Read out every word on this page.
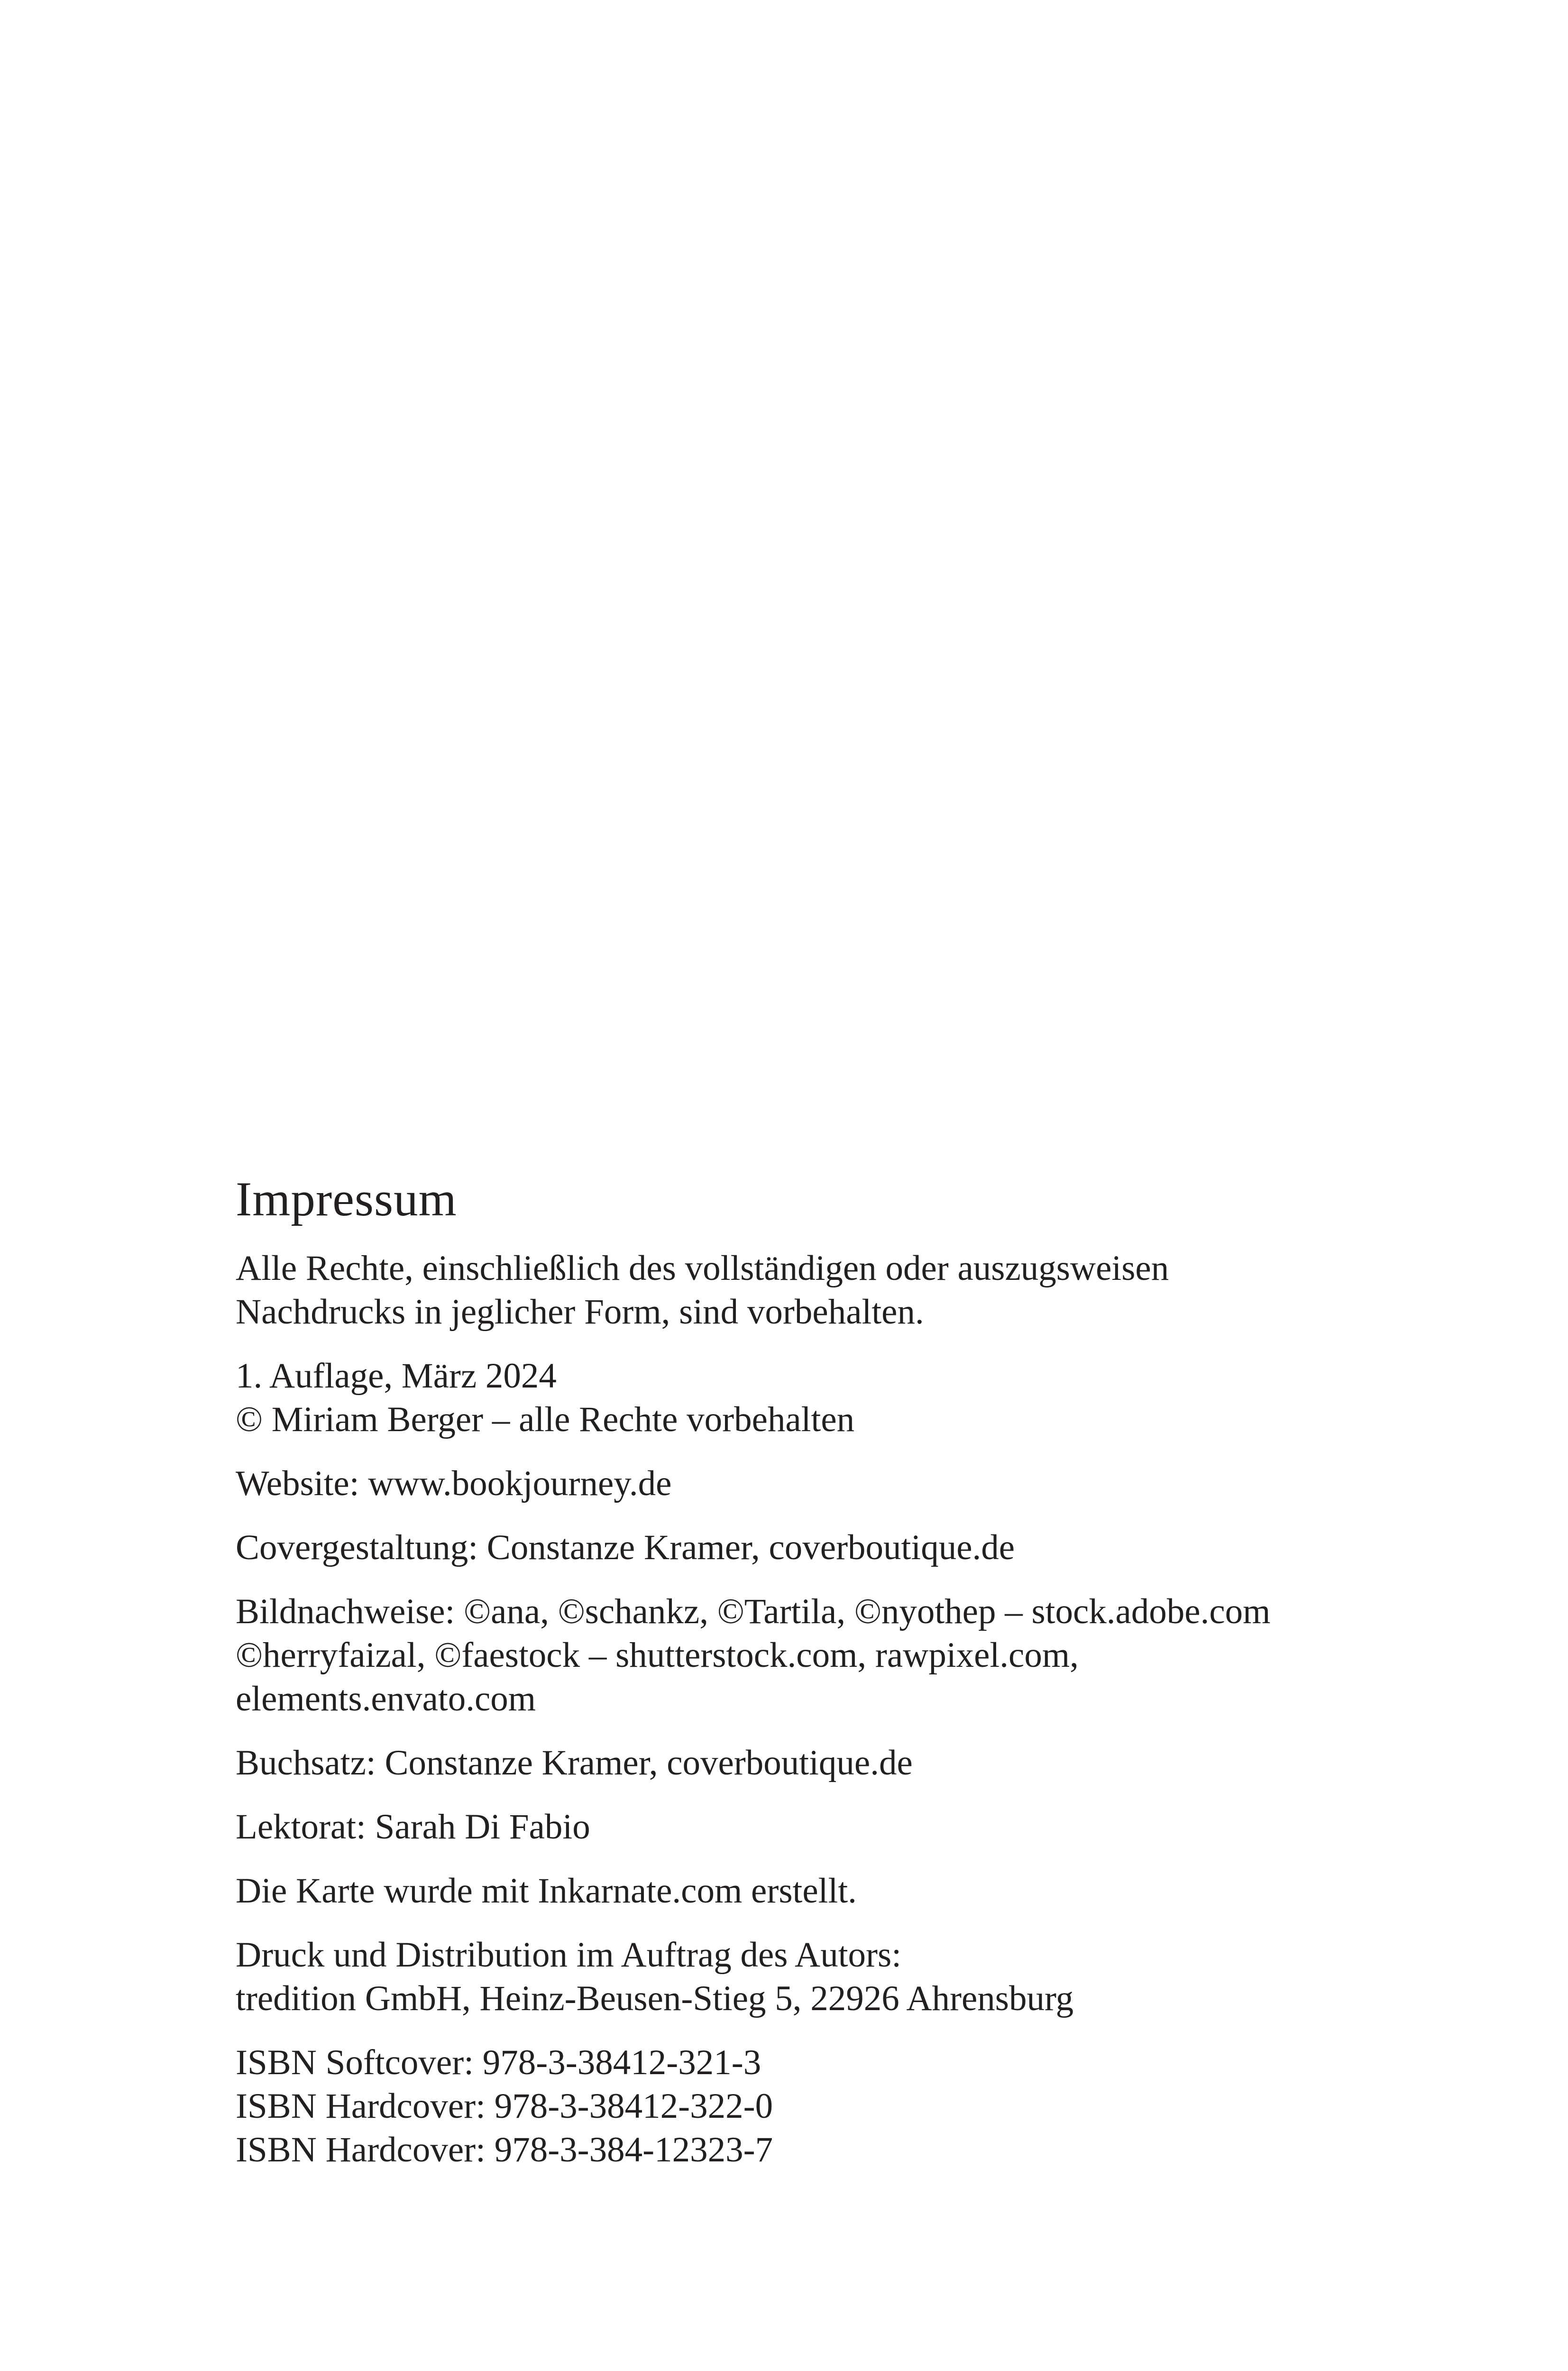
Impressum
Alle Rechte, einschließlich des vollständigen oder auszugsweisen
Nachdrucks in jeglicher Form, sind vorbehalten.
1. Auflage, März 2024
© Miriam Berger – alle Rechte vorbehalten
Website: www.bookjourney.de
Covergestaltung: Constanze Kramer, coverboutique.de
Bildnachweise: ©ana, ©schankz, ©Tartila, ©nyothep – stock.adobe.com
©herryfaizal, ©faestock – shutterstock.com, rawpixel.com,
elements.envato.com
Buchsatz: Constanze Kramer, coverboutique.de
Lektorat: Sarah Di Fabio
Die Karte wurde mit Inkarnate.com erstellt.
Druck und Distribution im Auftrag des Autors:
tredition GmbH, Heinz-Beusen-Stieg 5, 22926 Ahrensburg
ISBN Softcover: 978-3-38412-321-3
ISBN Hardcover: 978-3-38412-322-0
ISBN Hardcover: 978-3-384-12323-7
